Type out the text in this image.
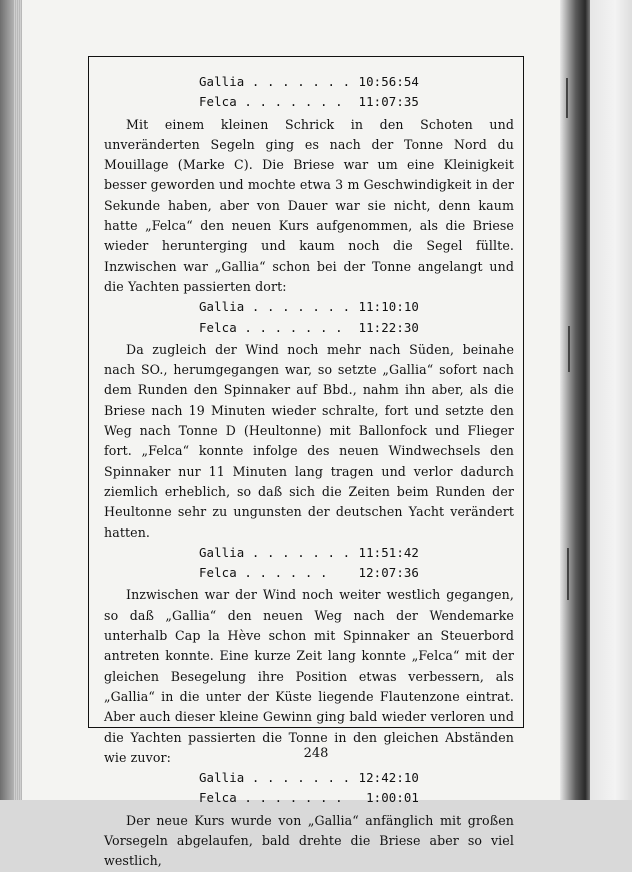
Gallia . . . . . . . 10:56:54
Felca . . . . . . .	11:07:35

Mit einem kleinen Schrick in den Schoten und unveränderten Segeln ging es nach der Tonne Nord du Mouillage (Marke C). Die Briese war um eine Kleinigkeit besser geworden und mochte etwa 3 m Geschwindigkeit in der Sekunde haben, aber von Dauer war sie nicht, denn kaum hatte „Felca“ den neuen Kurs aufgenommen, als die Briese wieder herunterging und kaum noch die Segel füllte. Inzwischen war „Gallia“ schon bei der Tonne angelangt und die Yachten passierten dort:

Gallia . . . . . . . 11:10:10
Felca . . . . . . .	11:22:30

Da zugleich der Wind noch mehr nach Süden, beinahe nach SO., herumgegangen war, so setzte „Gallia“ sofort nach dem Runden den Spinnaker auf Bbd., nahm ihn aber, als die Briese nach 19 Minuten wieder schralte, fort und setzte den Weg nach Tonne D (Heultonne) mit Ballonfock und Flieger fort. „Felca“ konnte infolge des neuen Windwechsels den Spinnaker nur 11 Minuten lang tragen und verlor dadurch ziemlich erheblich, so daß sich die Zeiten beim Runden der Heultonne sehr zu ungunsten der deutschen Yacht verändert hatten.

Gallia . . . . . . . 11:51:42
Felca . . . . . .	12:07:36

Inzwischen war der Wind noch weiter westlich gegangen, so daß „Gallia“ den neuen Weg nach der Wendemarke unterhalb Cap la Hève schon mit Spinnaker an Steuerbord antreten konnte. Eine kurze Zeit lang konnte „Felca“ mit der gleichen Besegelung ihre Position etwas verbessern, als „Gallia“ in die unter der Küste liegende Flautenzone eintrat. Aber auch dieser kleine Gewinn ging bald wieder verloren und die Yachten passierten die Tonne in den gleichen Abständen wie zuvor:

Gallia . . . . . . . 12:42:10
Felca . . . . . . .	1:00:01

Der neue Kurs wurde von „Gallia“ anfänglich mit großen Vorsegeln abgelaufen, bald drehte die Briese aber so viel westlich,

248
